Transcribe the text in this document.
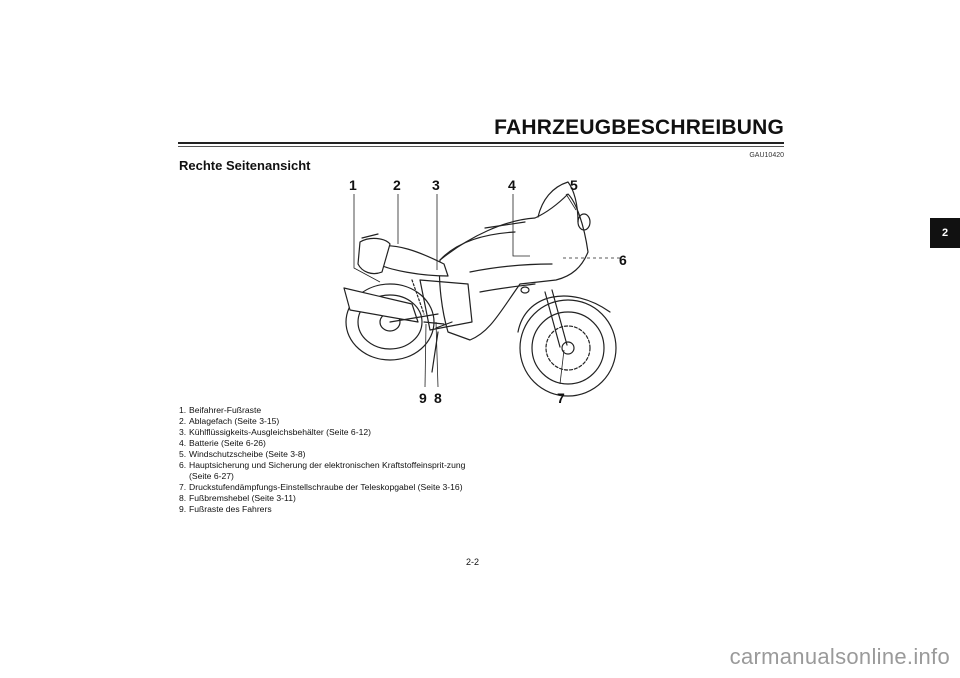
FAHRZEUGBESCHREIBUNG
GAU10420
Rechte Seitenansicht
2
1	2 3	4	5
6
7
8
9
1. Beifahrer-Fußraste
2. Ablagefach (Seite 3-15)
3. Kühlflüssigkeits-Ausgleichsbehälter (Seite 6-12)
4. Batterie (Seite 6-26)
5. Windschutzscheibe (Seite 3-8)
6. Hauptsicherung und Sicherung der elektronischen Kraftstoffeinsprit-zung (Seite 6-27)
7. Druckstufendämpfungs-Einstellschraube der Teleskopgabel (Seite 3-16)
8. Fußbremshebel (Seite 3-11)
9. Fußraste des Fahrers
2-2
carmanualsonline.info
